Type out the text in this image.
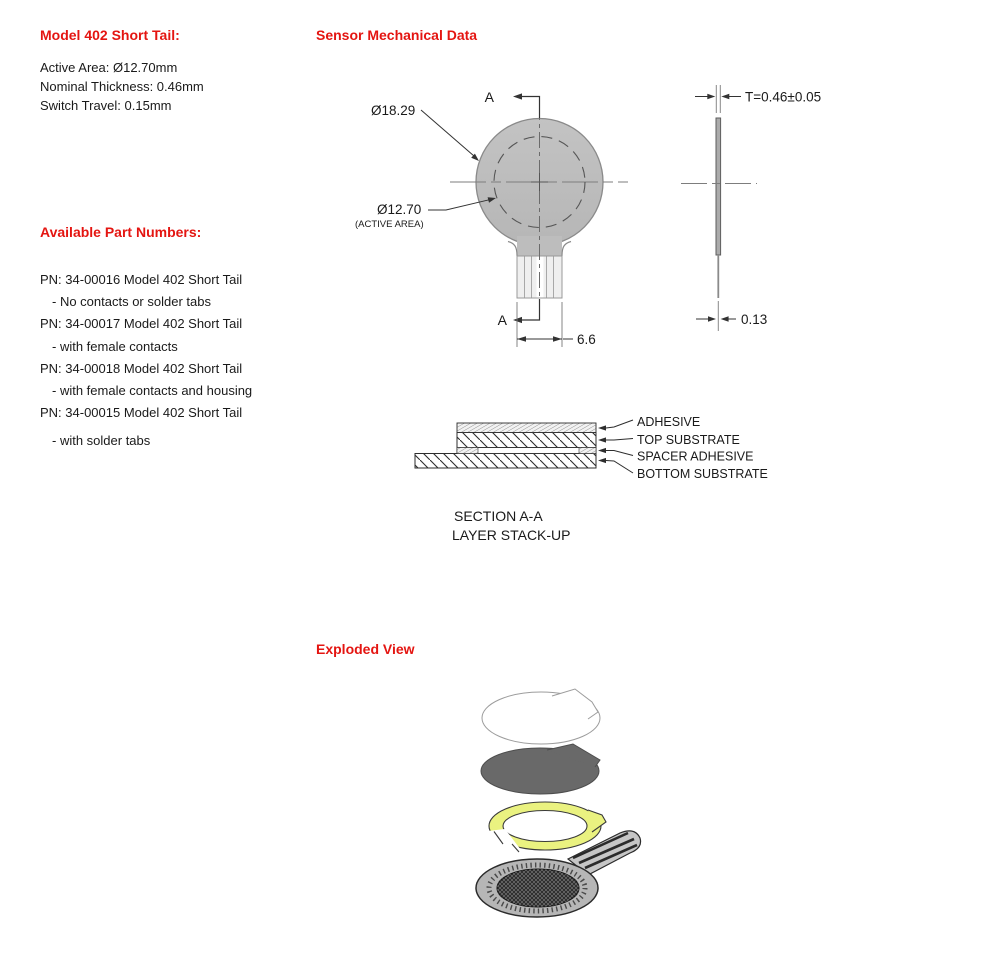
Model 402 Short Tail:
Active Area: Ø12.70mm
Nominal Thickness: 0.46mm
Switch Travel: 0.15mm
Available Part Numbers:
PN: 34-00016 Model 402 Short Tail
- No contacts or solder tabs
PN: 34-00017 Model 402 Short Tail
- with female contacts
PN: 34-00018 Model 402 Short Tail
- with female contacts and housing
PN: 34-00015 Model 402 Short Tail
- with solder tabs
Sensor Mechanical Data
Exploded View
A
A
Ø18.29
Ø12.70
(ACTIVE AREA)
6.6
T=0.46±0.05
0.13
ADHESIVE
TOP SUBSTRATE
SPACER ADHESIVE
BOTTOM SUBSTRATE
SECTION A-A
LAYER STACK-UP
